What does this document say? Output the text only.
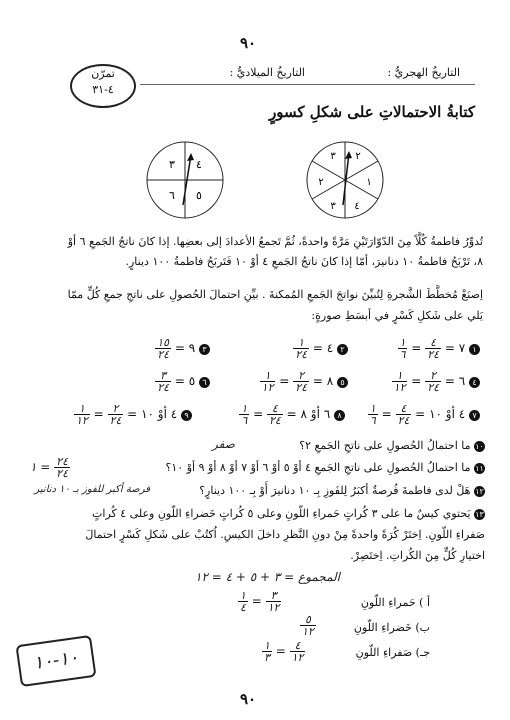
٩٠
التاريخُ الهجريُّ :
التاريخُ الميلاديُّ :
تمرّن
٤-٣١
كتابةُ الاحتمالاتِ على شكلِ كسورٍ
٣ ٤
٥
٦
٣ ٢
١
٢
٤
٣
تُدوِّرُ فاطمةُ كُلَّاً مِنَ الدّوّارَتَيْنِ مَرَّةً واحدةً، ثُمَّ تَجمعُ الأعدادَ إلى بعضِها. إذا كانَ ناتجُ الجَمعِ ٦ أوْ
٨، تَرْبَحُ فاطمةُ ١٠ دنانيرَ، أمّا إذا كانَ ناتجُ الجَمعِ ٤ أوْ ١٠ فَتَربَحُ فاطمةُ ١٠٠ دينارٍ.
اِصنَعْ مُخطَّطَ الشَّجرةِ لِتُبيِّنَ نواتجَ الجَمعِ المُمكنةَ . بيِّنِ احتمالَ الحُصولِ على ناتجِ جمعِ كُلٍّ ممّا
يَلي على شَكلِ كَسْرٍ في أبسَطِ صورةٍ:
١ ٧ =
$\frac{٤}{٢٤}$
=
$\frac{١}{٦}$
٢ ٤ =
$\frac{١}{٢٤}$
٣ ٩ =
$\frac{١٥}{٢٤}$
٤ ٦ =
$\frac{٢}{٢٤}$
=
$\frac{١}{١٢}$
٥ ٨ =
$\frac{٢}{٢٤}$
=
$\frac{١}{١٢}$
٦ ٥ =
$\frac{٣}{٢٤}$
٧ ٤ أوْ ١٠ =
$\frac{٤}{٢٤}$
=
$\frac{١}{٦}$
٨ ٦ أوْ ٨ =
$\frac{٤}{٢٤}$
=
$\frac{١}{٦}$
٩ ٤ أوْ ١٠ =
$\frac{٢}{٢٤}$
=
$\frac{١}{١٢}$
١٠ ما احتمالُ الحُصولِ على ناتجِ الجَمعِ ٢؟
صفر
١١ ما احتمالُ الحُصولِ على ناتجِ الجَمعِ ٤ أوْ ٥ أوْ ٦ أوْ ٧ أوْ ٨ أوْ ٩ أوْ ١٠؟
١ = $\frac{٢٤}{٢٤}$
١٢ هَلْ لدى فاطمةَ فُرصةٌ أكبَرُ لِلفَوزِ بِـ ١٠ دنانيرَ أَوْ بِـ ١٠٠ دينارٍ؟
فرصة أكبر للفوز بـ ١٠ دنانير
١٣ يَحتوي كيسٌ ما على ٣ كُراتٍ حَمراءِ اللّونِ وعلى ٥ كُراتٍ خَضراءِ اللّونِ وعلى ٤ كُراتٍ
صَفراءِ اللّونِ. اِختَرْ كُرَةً واحدةً مِنْ دونِ النَّظرِ داخلَ الكيسِ. اُكتُبْ على شَكلِ كَسْرٍ احتمالَ
اختيارِ كُلٍّ مِنَ الكُراتِ. اِختَصِرْ.
المجموع = ٣ + ٥ + ٤ = ١٢
أ ) حَمراءِ اللّونِ
$\frac{١}{٤} = \frac{٣}{١٢}$
ب) خَضراءِ اللّونِ
$\frac{٥}{١٢}$
جـ) صَفراءِ اللّونِ
$\frac{١}{٣} = \frac{٤}{١٢}$
١٠-١٠
٩٠
